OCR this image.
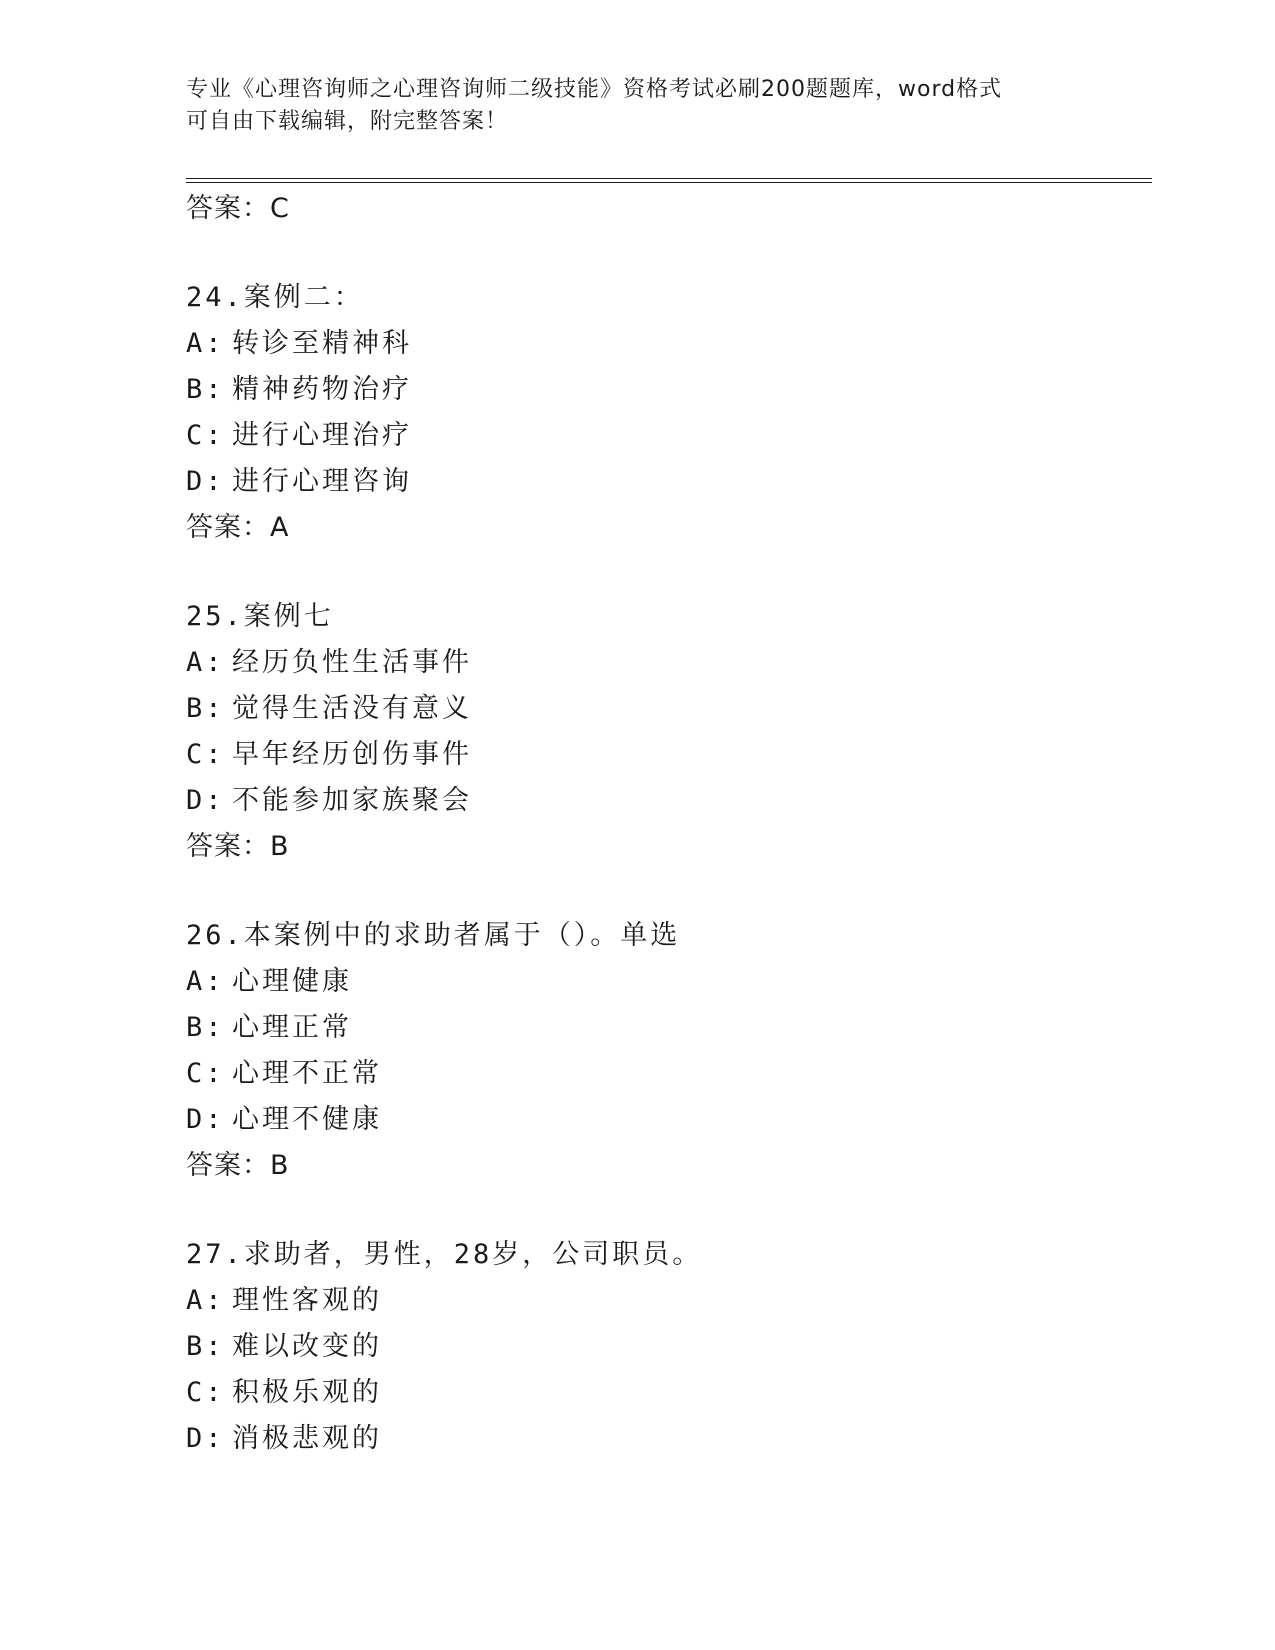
专业《心理咨询师之心理咨询师二级技能》资格考试必刷200题题库，word格式
可自由下载编辑，附完整答案！
答案：C
24.案例二：
A: 转诊至精神科
B: 精神药物治疗
C: 进行心理治疗
D: 进行心理咨询
答案：A
25.案例七
A: 经历负性生活事件
B: 觉得生活没有意义
C: 早年经历创伤事件
D: 不能参加家族聚会
答案：B
26.本案例中的求助者属于（）。单选
A: 心理健康
B: 心理正常
C: 心理不正常
D: 心理不健康
答案：B
27.求助者，男性，28岁，公司职员。
A: 理性客观的
B: 难以改变的
C: 积极乐观的
D: 消极悲观的
